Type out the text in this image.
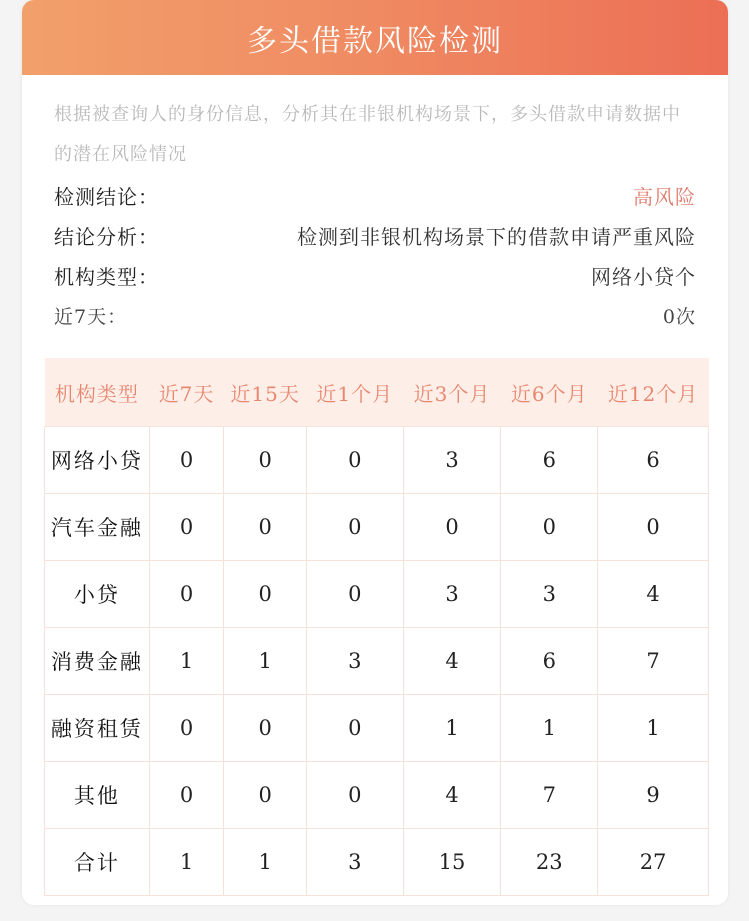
多头借款风险检测
根据被查询人的身份信息，分析其在非银机构场景下，多头借款申请数据中的潜在风险情况
检测结论：	高风险
结论分析：	检测到非银机构场景下的借款申请严重风险
机构类型：	网络小贷个
近7天：	0次
机构类型	近7天	近15天	近1个月	近3个月	近6个月	近12个月
网络小贷	0	0	0	3	6	6
汽车金融	0	0	0	0	0	0
小贷	0	0	0	3	3	4
消费金融	1	1	3	4	6	7
融资租赁	0	0	0	1	1	1
其他	0	0	0	4	7	9
合计	1	1	3	15	23	27
